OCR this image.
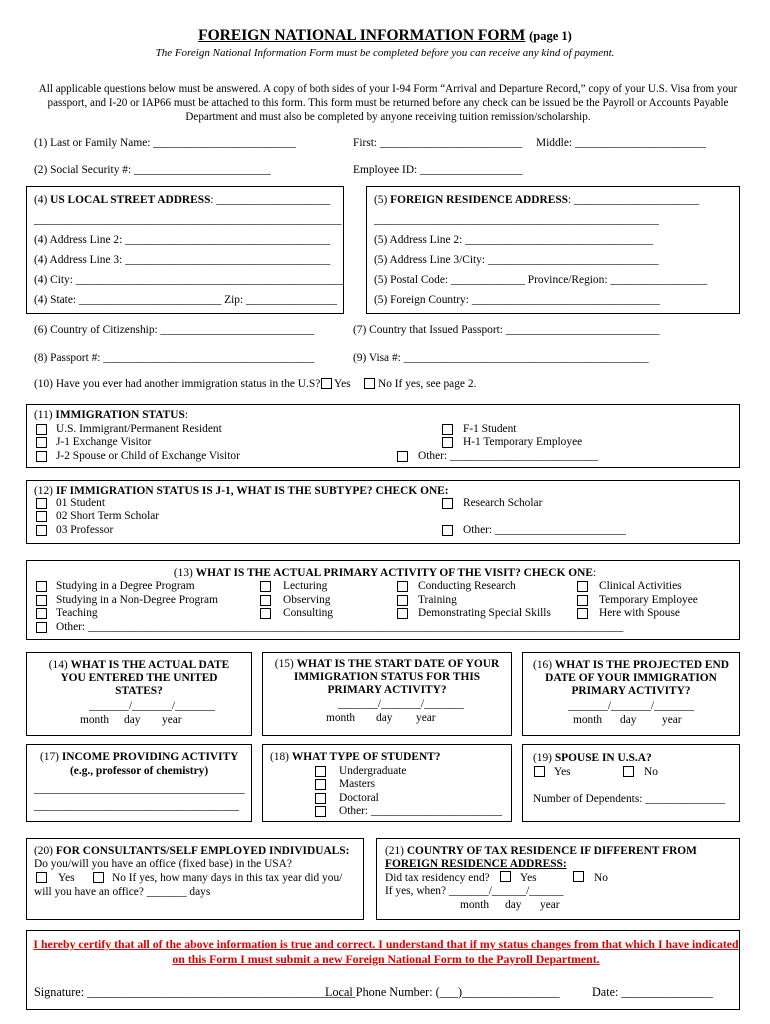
FOREIGN NATIONAL INFORMATION FORM (page 1)
The Foreign National Information Form must be completed before you can receive any kind of payment.
All applicable questions below must be answered. A copy of both sides of your I-94 Form “Arrival and Departure Record,” copy of your U.S. Visa from your passport, and I-20 or IAP66 must be attached to this form. This form must be returned before any check can be issued be the Payroll or Accounts Payable Department and must also be completed by anyone receiving tuition remission/scholarship.
(1) Last or Family Name: _________________________	First: _________________________ Middle: _______________________
(2) Social Security #: ________________________	Employee ID: __________________
(4) US LOCAL STREET ADDRESS: ____________________
______________________________________________________
(4) Address Line 2: ____________________________________
(4) Address Line 3: ____________________________________
(4) City: _______________________________________________
(4) State: _________________________ Zip: ________________
(5) FOREIGN RESIDENCE ADDRESS: ______________________
__________________________________________________
(5) Address Line 2: _________________________________
(5) Address Line 3/City: ______________________________
(5) Postal Code: _____________ Province/Region: _________________
(5) Foreign Country: _________________________________
(6) Country of Citizenship: ___________________________	(7) Country that Issued Passport: ___________________________
(8) Passport #: _____________________________________	(9) Visa #: ___________________________________________
(10) Have you ever had another immigration status in the U.S? Yes No If yes, see page 2.
(11) IMMIGRATION STATUS:
U.S. Immigrant/Permanent Resident
J-1 Exchange Visitor
J-2 Spouse or Child of Exchange Visitor
F-1 Student
H-1 Temporary Employee
Other: __________________________
(12) IF IMMIGRATION STATUS IS J-1, WHAT IS THE SUBTYPE? CHECK ONE:
01 Student
02 Short Term Scholar
03 Professor
Research Scholar
Other: _______________________
(13) WHAT IS THE ACTUAL PRIMARY ACTIVITY OF THE VISIT? CHECK ONE:
Studying in a Degree Program
Studying in a Non-Degree Program
Teaching
Other: ______________________________________________________________________________________________
Lecturing
Observing
Consulting
Conducting Research
Training
Demonstrating Special Skills
Clinical Activities
Temporary Employee
Here with Spouse
(14) WHAT IS THE ACTUAL DATE YOU ENTERED THE UNITED STATES?
_______/_______/_______
month day year
(15) WHAT IS THE START DATE OF YOUR IMMIGRATION STATUS FOR THIS PRIMARY ACTIVITY?
_______/_______/_______
month day year
(16) WHAT IS THE PROJECTED END DATE OF YOUR IMMIGRATION PRIMARY ACTIVITY?
_______/_______/_______
month day year
(17) INCOME PROVIDING ACTIVITY
(e.g., professor of chemistry)
_____________________________________
____________________________________
(18) WHAT TYPE OF STUDENT?
Undergraduate
Masters
Doctoral
Other: _______________________
(19) SPOUSE IN U.S.A?
Yes	No
Number of Dependents: ______________
(20) FOR CONSULTANTS/SELF EMPLOYED INDIVIDUALS:
Do you/will you have an office (fixed base) in the USA?
Yes	No If yes, how many days in this tax year did you/
will you have an office? _______ days
(21) COUNTRY OF TAX RESIDENCE IF DIFFERENT FROM
FOREIGN RESIDENCE ADDRESS:
Did tax residency end?	Yes	No
If yes, when? _______/______/______
month day year
I hereby certify that all of the above information is true and correct. I understand that if my status changes from that which I have indicated on this Form I must submit a new Foreign National Form to the Payroll Department.
Signature: ____________________________________________
Local Phone Number: (___)________________	Date: _______________
